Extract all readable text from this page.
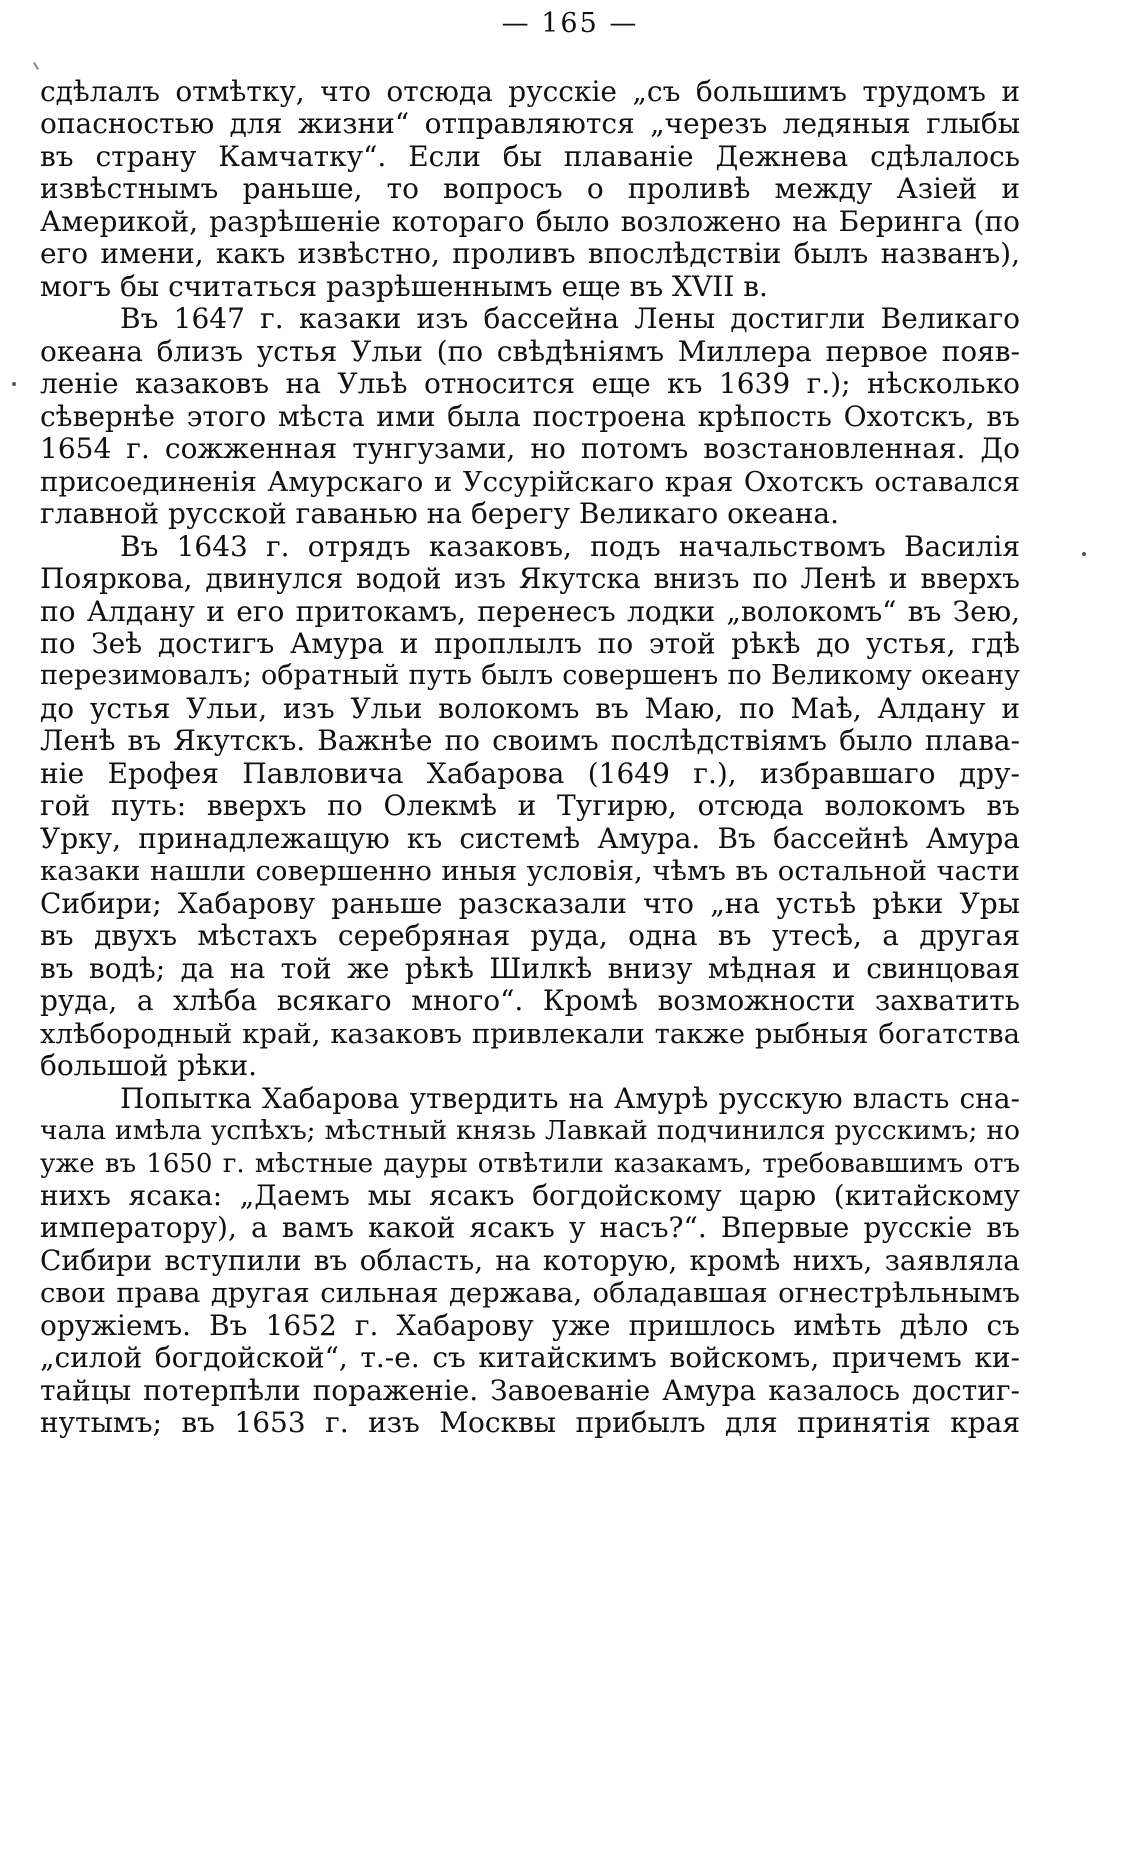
— 165 —
сдѣлалъ отмѣтку, что отсюда русскіе „съ большимъ трудомъ и
опасностью для жизни“ отправляются „черезъ ледяныя глыбы
въ страну Камчатку“. Если бы плаваніе Дежнева сдѣлалось
извѣстнымъ раньше, то вопросъ о проливѣ между Азіей и
Америкой, разрѣшеніе котораго было возложено на Беринга (по
его имени, какъ извѣстно, проливъ впослѣдствіи былъ названъ),
могъ бы считаться разрѣшеннымъ еще въ XVII в.
Въ 1647 г. казаки изъ бассейна Лены достигли Великаго
океана близъ устья Ульи (по свѣдѣніямъ Миллера первое появ-
леніе казаковъ на Ульѣ относится еще къ 1639 г.); нѣсколько
сѣвернѣе этого мѣста ими была построена крѣпость Охотскъ, въ
1654 г. сожженная тунгузами, но потомъ возстановленная. До
присоединенія Амурскаго и Уссурійскаго края Охотскъ оставался
главной русской гаванью на берегу Великаго океана.
Въ 1643 г. отрядъ казаковъ, подъ начальствомъ Василія
Пояркова, двинулся водой изъ Якутска внизъ по Ленѣ и вверхъ
по Алдану и его притокамъ, перенесъ лодки „волокомъ“ въ Зею,
по Зеѣ достигъ Амура и проплылъ по этой рѣкѣ до устья, гдѣ
перезимовалъ; обратный путь былъ совершенъ по Великому океану
до устья Ульи, изъ Ульи волокомъ въ Маю, по Маѣ, Алдану и
Ленѣ въ Якутскъ. Важнѣе по своимъ послѣдствіямъ было плава-
ніе Ерофея Павловича Хабарова (1649 г.), избравшаго дру-
гой путь: вверхъ по Олекмѣ и Тугирю, отсюда волокомъ въ
Урку, принадлежащую къ системѣ Амура. Въ бассейнѣ Амура
казаки нашли совершенно иныя условія, чѣмъ въ остальной части
Сибири; Хабарову раньше разсказали что „на устьѣ рѣки Уры
въ двухъ мѣстахъ серебряная руда, одна въ утесѣ, а другая
въ водѣ; да на той же рѣкѣ Шилкѣ внизу мѣдная и свинцовая
руда, а хлѣба всякаго много“. Кромѣ возможности захватить
хлѣбородный край, казаковъ привлекали также рыбныя богатства
большой рѣки.
Попытка Хабарова утвердить на Амурѣ русскую власть сна-
чала имѣла успѣхъ; мѣстный князь Лавкай подчинился русскимъ; но
уже въ 1650 г. мѣстные дауры отвѣтили казакамъ, требовавшимъ отъ
нихъ ясака: „Даемъ мы ясакъ богдойскому царю (китайскому
императору), а вамъ какой ясакъ у насъ?“. Впервые русскіе въ
Сибири вступили въ область, на которую, кромѣ нихъ, заявляла
свои права другая сильная держава, обладавшая огнестрѣльнымъ
оружіемъ. Въ 1652 г. Хабарову уже пришлось имѣть дѣло съ
„силой богдойской“, т.-е. съ китайскимъ войскомъ, причемъ ки-
тайцы потерпѣли пораженіе. Завоеваніе Амура казалось достиг-
нутымъ; въ 1653 г. изъ Москвы прибылъ для принятія края
